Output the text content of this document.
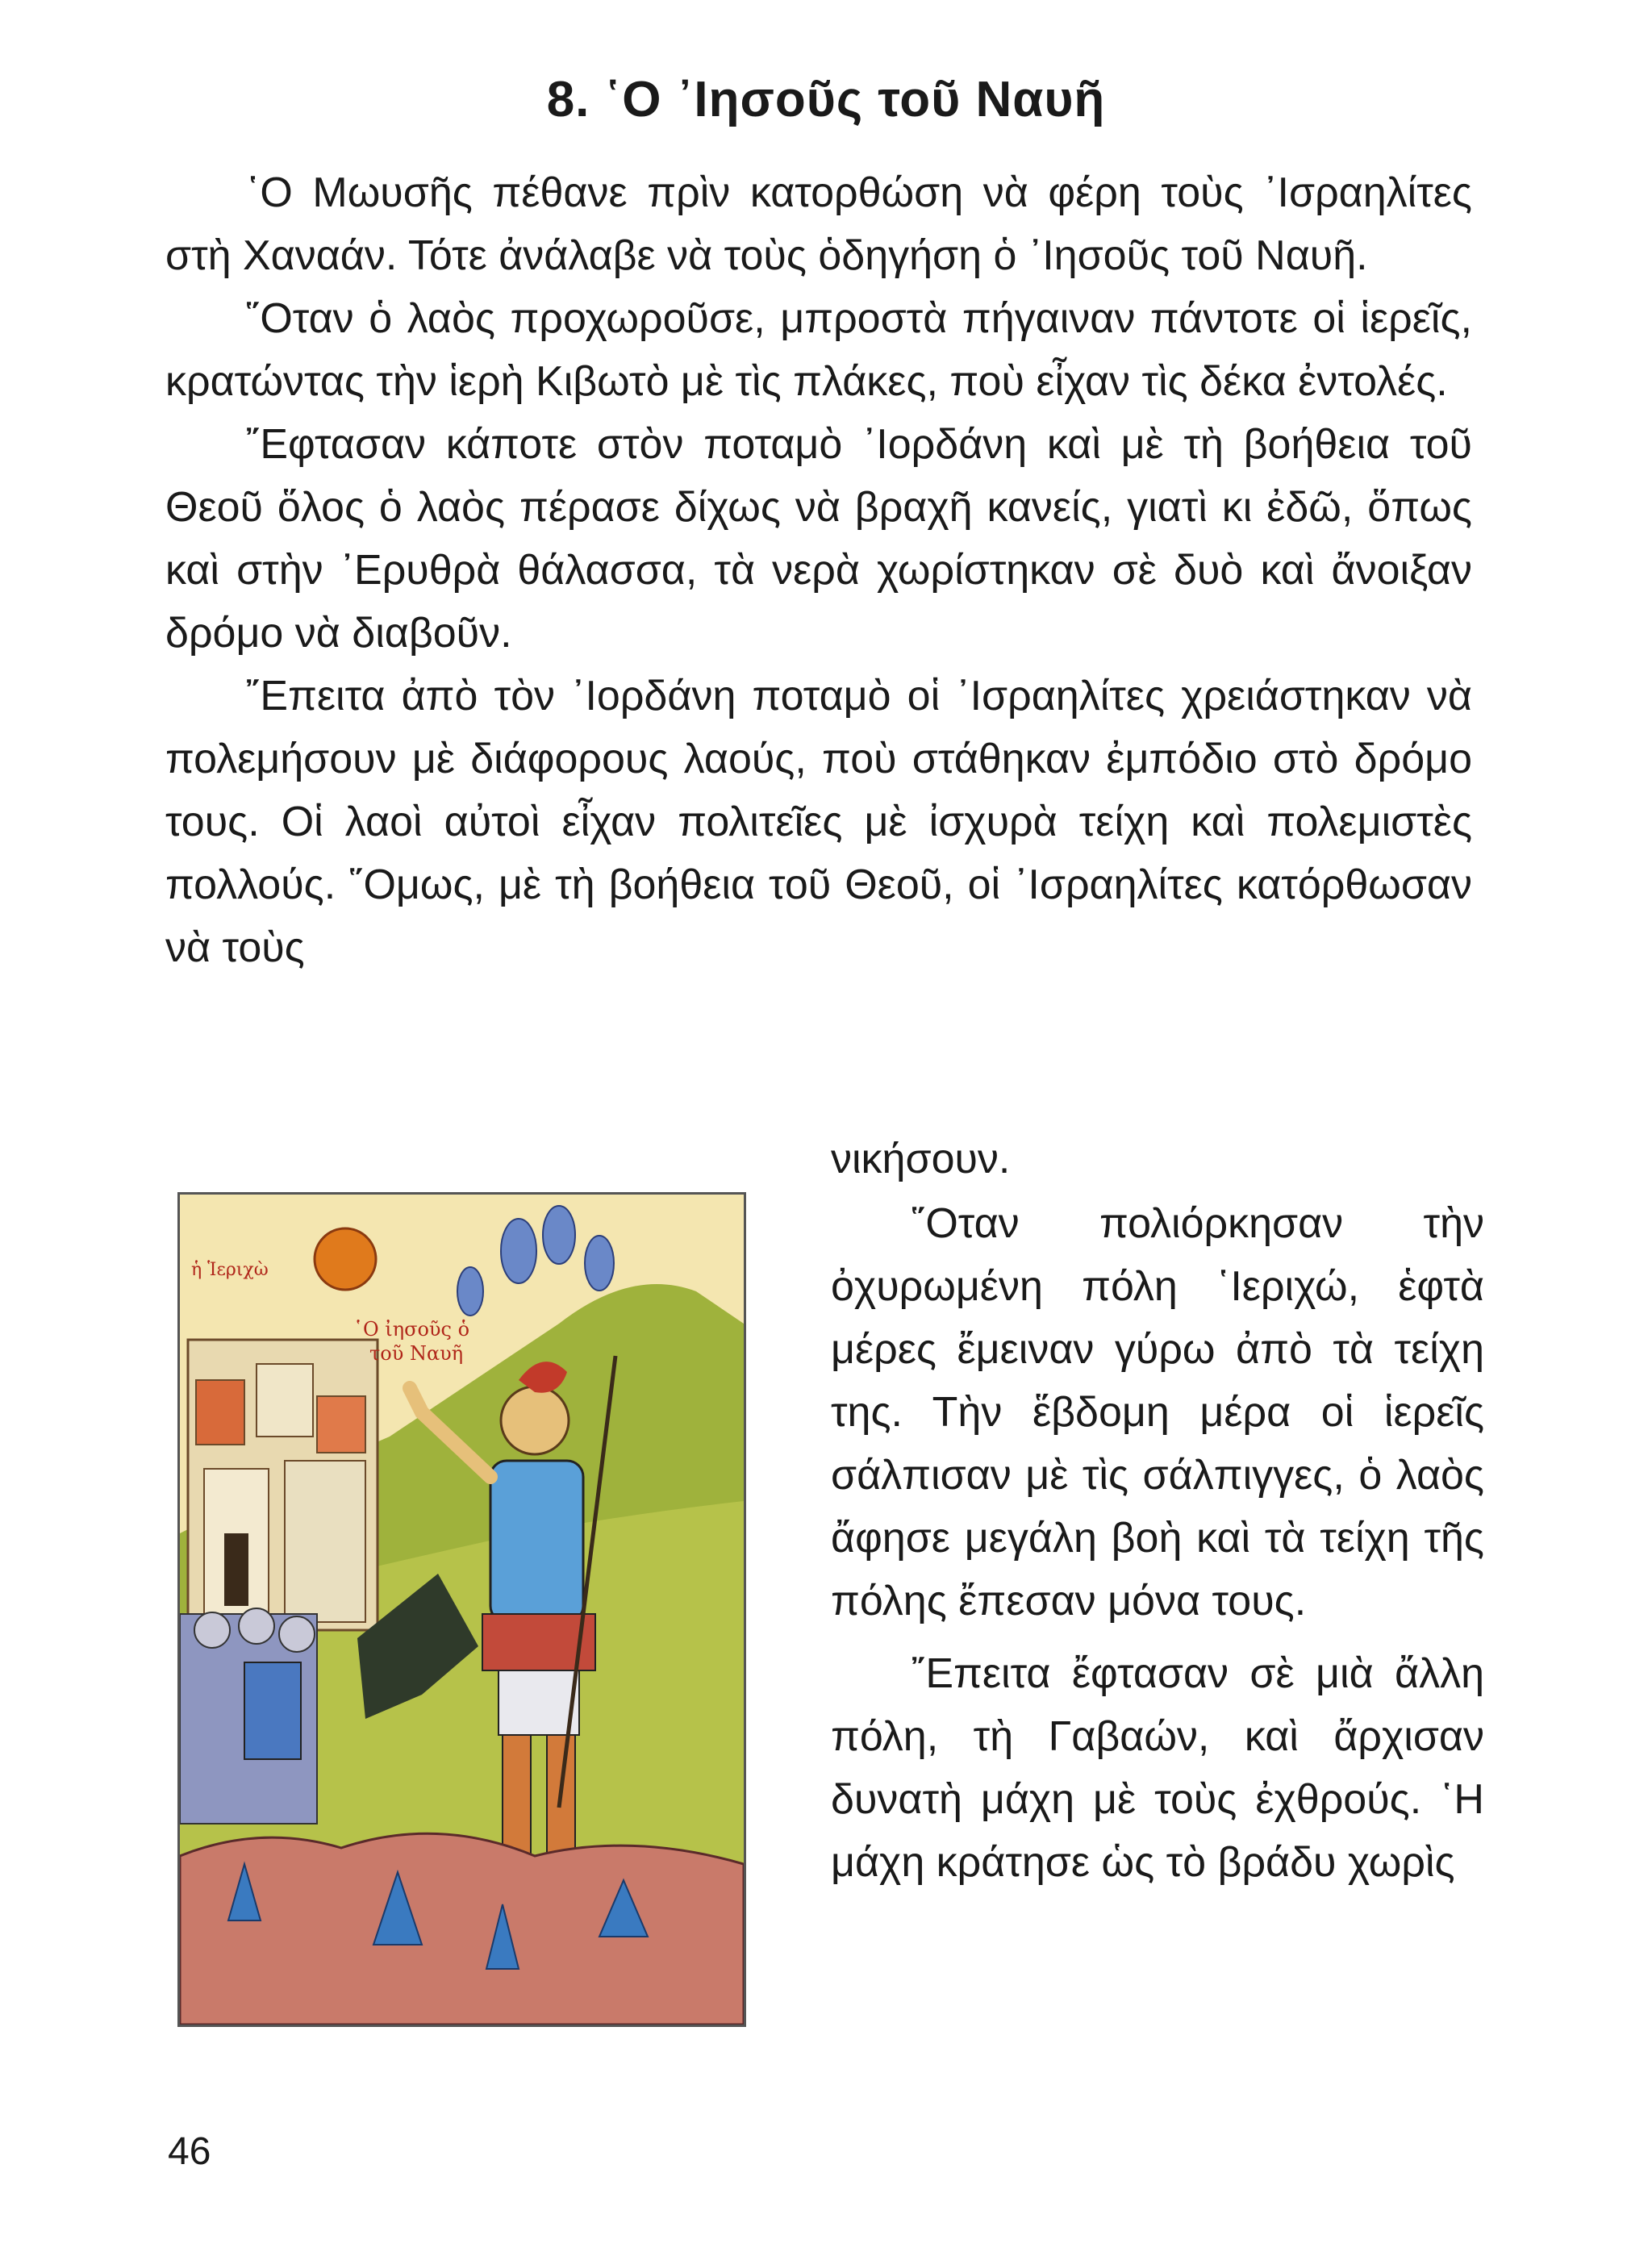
8. ῾Ο ᾿Ιησοῦς τοῦ Ναυῆ

῾Ο Μωυσῆς πέθανε πρὶν κατορθώση νὰ φέρη τοὺς ᾿Ισραηλίτες στὴ Χαναάν. Τότε ἀνάλαβε νὰ τοὺς ὁδηγήση ὁ ᾿Ιησοῦς τοῦ Ναυῆ.

῞Οταν ὁ λαὸς προχωροῦσε, μπροστὰ πήγαιναν πάντοτε οἱ ἱερεῖς, κρατώντας τὴν ἱερὴ Κιβωτὸ μὲ τὶς πλάκες, ποὺ εἶχαν τὶς δέκα ἐντολές.

῎Εφτασαν κάποτε στὸν ποταμὸ ᾿Ιορδάνη καὶ μὲ τὴ βοήθεια τοῦ Θεοῦ ὅλος ὁ λαὸς πέρασε δίχως νὰ βραχῆ κανείς, γιατὶ κι ἐδῶ, ὅπως καὶ στὴν ᾿Ερυθρὰ θάλασσα, τὰ νερὰ χωρίστηκαν σὲ δυὸ καὶ ἄνοιξαν δρόμο νὰ διαβοῦν.

῎Επειτα ἀπὸ τὸν ᾿Ιορδάνη ποταμὸ οἱ ᾿Ισραηλίτες χρειάστηκαν νὰ πολεμήσουν μὲ διάφορους λαούς, ποὺ στάθηκαν ἐμπόδιο στὸ δρόμο τους. Οἱ λαοὶ αὐτοὶ εἶχαν πολιτεῖες μὲ ἰσχυρὰ τείχη καὶ πολεμιστὲς πολλούς. ῞Ομως, μὲ τὴ βοήθεια τοῦ Θεοῦ, οἱ ᾿Ισραηλίτες κατόρθωσαν νὰ τοὺς

νικήσουν.
ἡ Ἱεριχὼ
῾Ο ἰησοῦς ὁ
τοῦ Ναυῆ

῞Οταν πολιόρκησαν τὴν ὀχυρωμένη πόλη ῾Ιεριχώ, ἑφτὰ μέρες ἔμειναν γύρω ἀπὸ τὰ τείχη της. Τὴν ἕβδομη μέρα οἱ ἱερεῖς σάλπισαν μὲ τὶς σάλπιγγες, ὁ λαὸς ἄφησε μεγάλη βοὴ καὶ τὰ τείχη τῆς πόλης ἔπεσαν μόνα τους.

῎Επειτα ἔφτασαν σὲ μιὰ ἄλλη πόλη, τὴ Γαβαών, καὶ ἄρχισαν δυνατὴ μάχη μὲ τοὺς ἐχθρούς. ῾Η μάχη κράτησε ὡς τὸ βράδυ χωρὶς

46
